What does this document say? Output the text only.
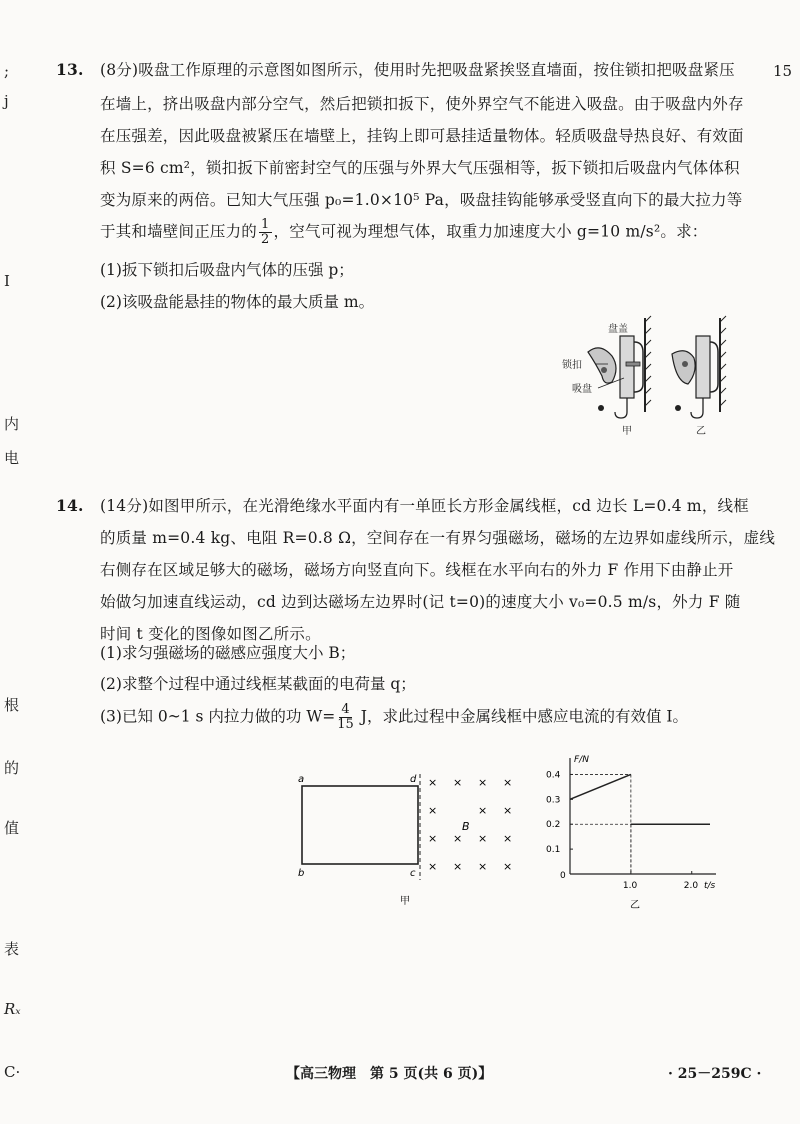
;
j
I
内
电
根
的
值
表
Rₓ
C·
15
13. (8分)吸盘工作原理的示意图如图所示，使用时先把吸盘紧挨竖直墙面，按住锁扣把吸盘紧压
在墙上，挤出吸盘内部分空气，然后把锁扣扳下，使外界空气不能进入吸盘。由于吸盘内外存
在压强差，因此吸盘被紧压在墙壁上，挂钩上即可悬挂适量物体。轻质吸盘导热良好、有效面
积 S=6 cm²，锁扣扳下前密封空气的压强与外界大气压强相等，扳下锁扣后吸盘内气体体积
变为原来的两倍。已知大气压强 p₀=1.0×10⁵ Pa，吸盘挂钩能够承受竖直向下的最大拉力等
于其和墙壁间正压力的 $\frac{1}{2}$ ，空气可视为理想气体，取重力加速度大小 g=10 m/s²。求：
(1)扳下锁扣后吸盘内气体的压强 p；
(2)该吸盘能悬挂的物体的最大质量 m。
14. (14分)如图甲所示，在光滑绝缘水平面内有一单匝长方形金属线框，cd 边长 L=0.4 m，线框
的质量 m=0.4 kg、电阻 R=0.8 Ω，空间存在一有界匀强磁场，磁场的左边界如虚线所示，虚线
右侧存在区域足够大的磁场，磁场方向竖直向下。线框在水平向右的外力 F 作用下由静止开
始做匀加速直线运动，cd 边到达磁场左边界时(记 t=0)的速度大小 v₀=0.5 m/s，外力 F 随
时间 t 变化的图像如图乙所示。
(1)求匀强磁场的磁感应强度大小 B；
(2)求整个过程中通过线框某截面的电荷量 q；
(3)已知 0~1 s 内拉力做的功 $W= \frac{4}{15}$ J，求此过程中金属线框中感应电流的有效值 I。
盘盖
锁扣
吸盘
甲	乙
a
b	c
d × × × ×
×	× ×
× × × ×
× × × ×
B
甲
t/s
F/N
0
0.1
0.2
0.3
0.4
1.0	2.0
乙
【高三物理　第 5 页(共 6 页)】	· 25－259C ·
